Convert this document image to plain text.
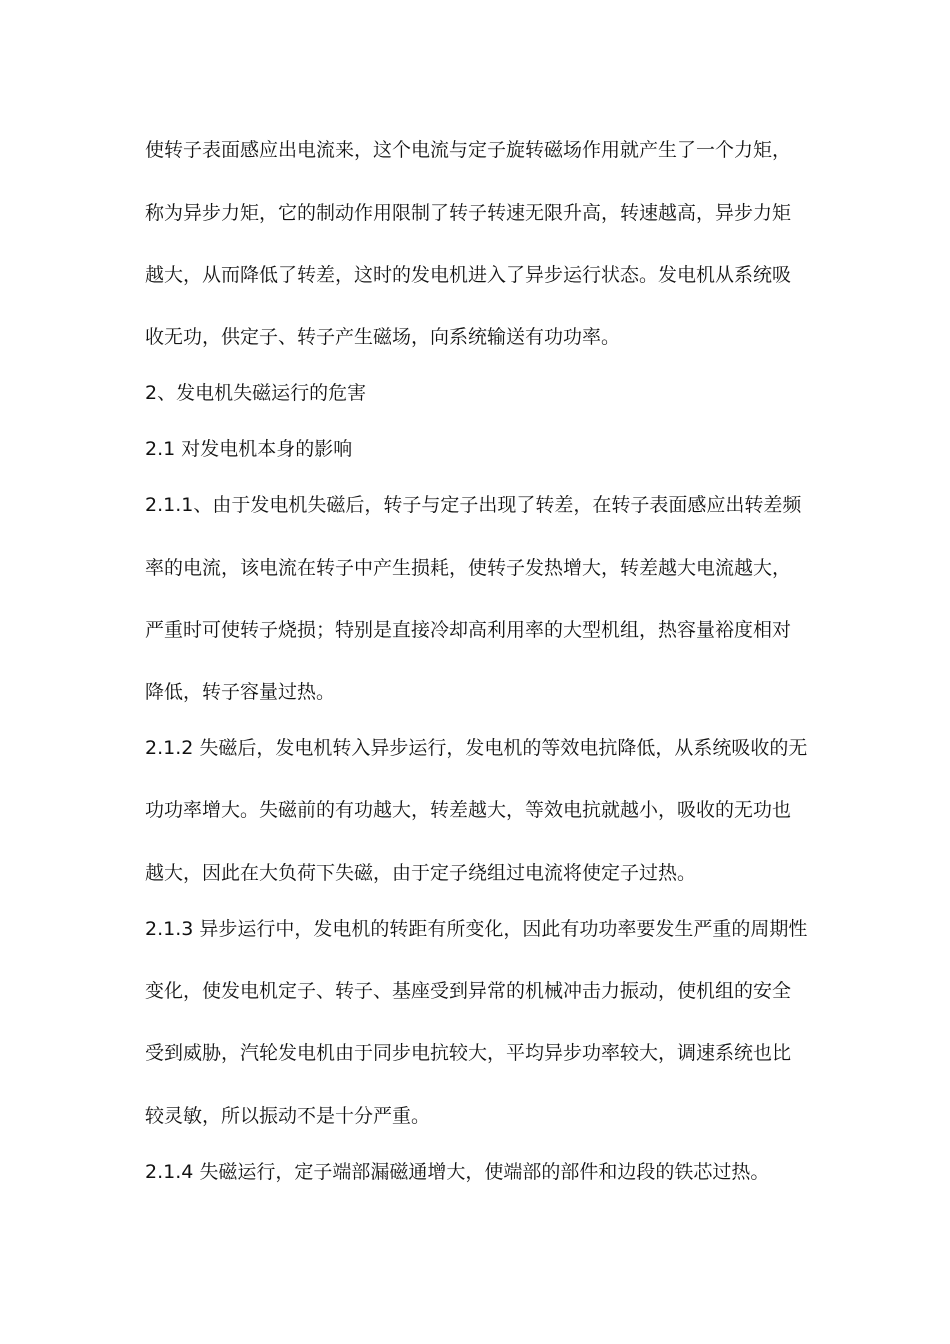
使转子表面感应出电流来，这个电流与定子旋转磁场作用就产生了一个力矩，
称为异步力矩，它的制动作用限制了转子转速无限升高，转速越高，异步力矩
越大，从而降低了转差，这时的发电机进入了异步运行状态。发电机从系统吸
收无功，供定子、转子产生磁场，向系统输送有功功率。
2、发电机失磁运行的危害
2.1 对发电机本身的影响
2.1.1、由于发电机失磁后，转子与定子出现了转差，在转子表面感应出转差频
率的电流，该电流在转子中产生损耗，使转子发热增大，转差越大电流越大，
严重时可使转子烧损；特别是直接冷却高利用率的大型机组，热容量裕度相对
降低，转子容量过热。
2.1.2 失磁后，发电机转入异步运行，发电机的等效电抗降低，从系统吸收的无
功功率增大。失磁前的有功越大，转差越大，等效电抗就越小，吸收的无功也
越大，因此在大负荷下失磁，由于定子绕组过电流将使定子过热。
2.1.3 异步运行中，发电机的转距有所变化，因此有功功率要发生严重的周期性
变化，使发电机定子、转子、基座受到异常的机械冲击力振动，使机组的安全
受到威胁，汽轮发电机由于同步电抗较大，平均异步功率较大，调速系统也比
较灵敏，所以振动不是十分严重。
2.1.4 失磁运行，定子端部漏磁通增大，使端部的部件和边段的铁芯过热。
